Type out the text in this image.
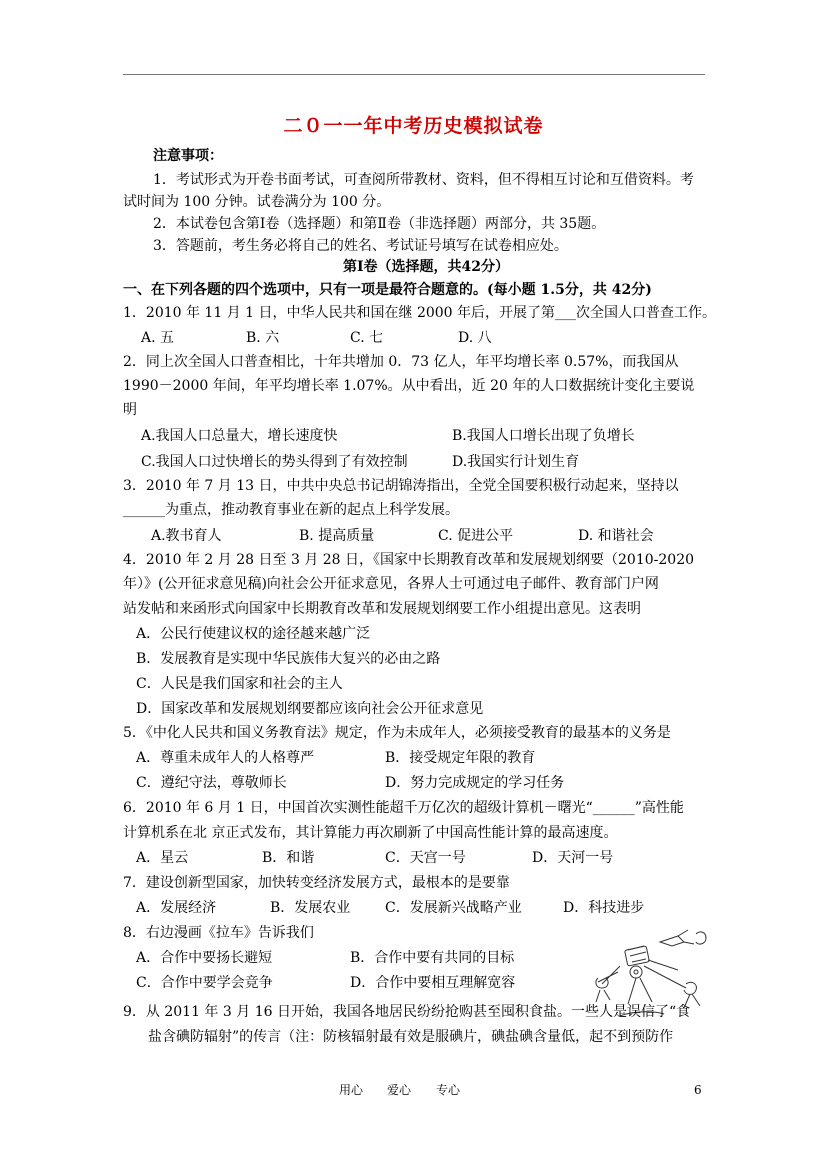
二０一一年中考历史模拟试卷
注意事项：
1．考试形式为开卷书面考试，可查阅所带教材、资料，但不得相互讨论和互借资料。考
试时间为 100 分钟。试卷满分为 100 分。
2．本试卷包含第Ⅰ卷（选择题）和第Ⅱ卷（非选择题）两部分，共 35题。
3．答题前，考生务必将自己的姓名、考试证号填写在试卷相应处。
第Ⅰ卷（选择题，共42分）
一、在下列各题的四个选项中，只有一项是最符合题意的。(每小题 1.5分，共 42分)
1．2010 年 11 月 1 日，中华人民共和国在继 2000 年后，开展了第___次全国人口普查工作。
A. 五	B. 六	C. 七	D. 八
2．同上次全国人口普查相比，十年共增加 0．73 亿人，年平均增长率 0.57%，而我国从
1990－2000 年间，年平均增长率 1.07%。从中看出，近 20 年的人口数据统计变化主要说
明
A.我国人口总量大，增长速度快	B.我国人口增长出现了负增长
C.我国人口过快增长的势头得到了有效控制	D.我国实行计划生育
3．2010 年 7 月 13 日，中共中央总书记胡锦涛指出，全党全国要积极行动起来，坚持以
______为重点，推动教育事业在新的起点上科学发展。
A.教书育人	B. 提高质量	C. 促进公平	D. 和谐社会
4．2010 年 2 月 28 日至 3 月 28 日，《国家中长期教育改革和发展规划纲要（2010-2020
年）》(公开征求意见稿)向社会公开征求意见，各界人士可通过电子邮件、教育部门户网
站发帖和来函形式向国家中长期教育改革和发展规划纲要工作小组提出意见。这表明
A．公民行使建议权的途径越来越广泛
B．发展教育是实现中华民族伟大复兴的必由之路
C．人民是我们国家和社会的主人
D．国家改革和发展规划纲要都应该向社会公开征求意见
5．《中化人民共和国义务教育法》规定，作为未成年人，必须接受教育的最基本的义务是
A．尊重未成年人的人格尊严	B．接受规定年限的教育
C．遵纪守法，尊敬师长	D．努力完成规定的学习任务
6．2010 年 6 月 1 日，中国首次实测性能超千万亿次的超级计算机－曙光“______”高性能
计算机系在北 京正式发布，其计算能力再次刷新了中国高性能计算的最高速度。
A．星云	B．和谐	C．天宫一号	D．天河一号
7．建设创新型国家，加快转变经济发展方式，最根本的是要靠
A．发展经济	B．发展农业 C．发展新兴战略产业	D．科技进步
8．右边漫画《拉车》告诉我们
A．合作中要扬长避短	B．合作中要有共同的目标
C．合作中要学会竞争	D．合作中要相互理解宽容
9．从 2011 年 3 月 16 日开始，我国各地居民纷纷抢购甚至囤积食盐。一些人是误信了“食
盐含碘防辐射”的传言（注：防核辐射最有效是服碘片，碘盐碘含量低，起不到预防作
用心 爱心 专心	6
